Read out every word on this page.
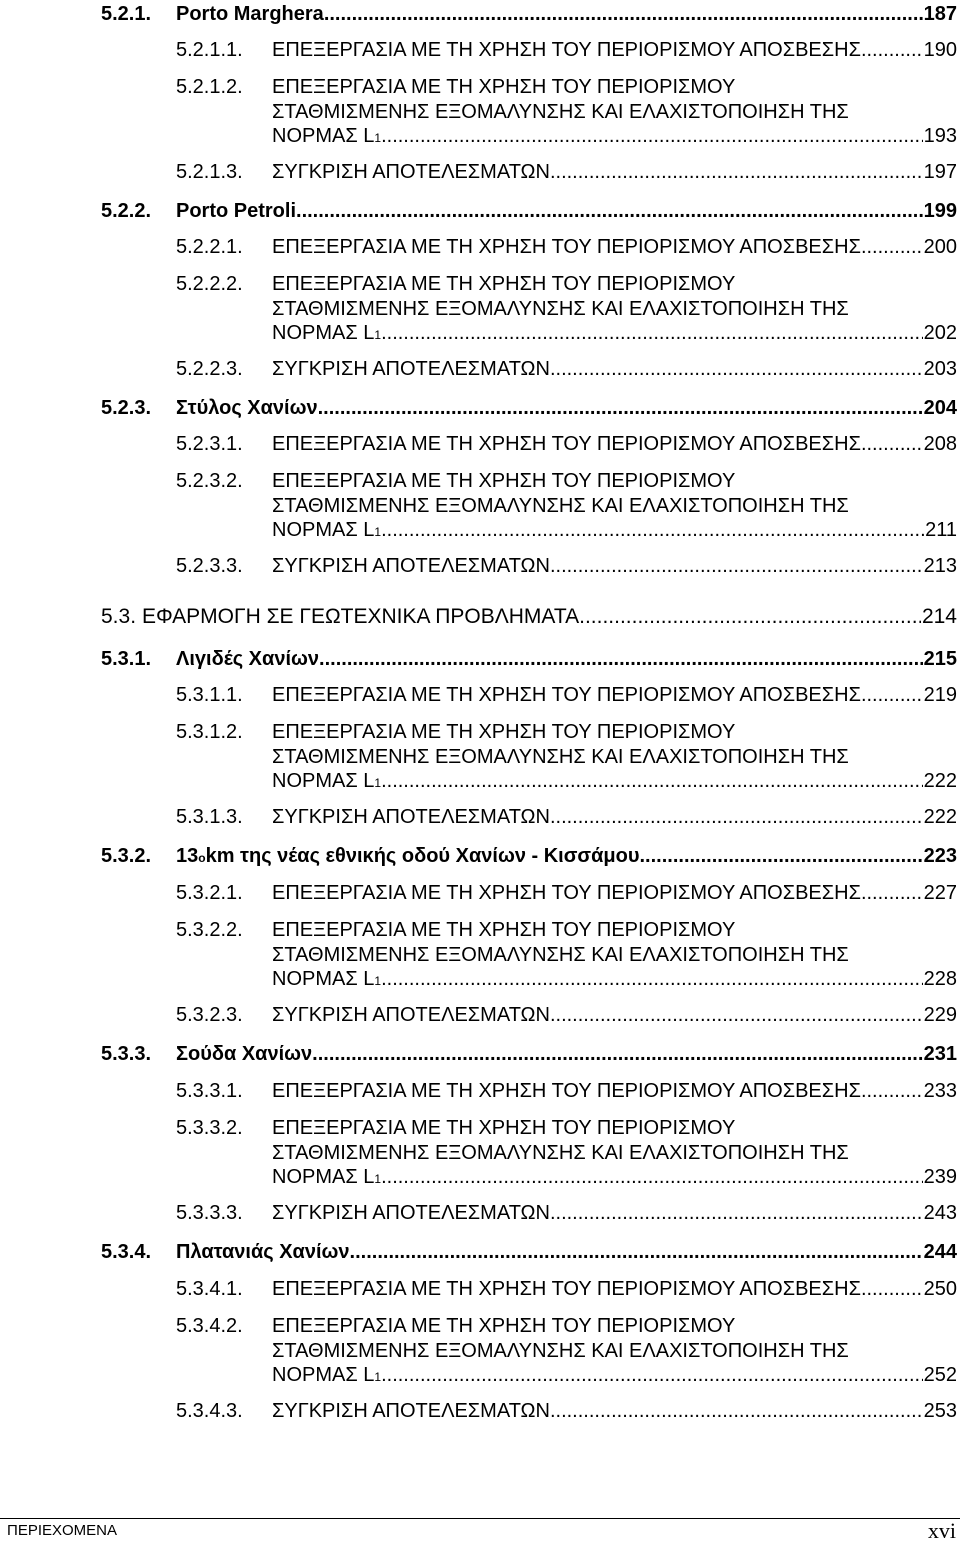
5.2.1. Porto Marghera .....	187
5.2.1.1. ΕΠΕΞΕΡΓΑΣΙΑ ΜΕ ΤΗ ΧΡΗΣΗ ΤΟΥ ΠΕΡΙΟΡΙΣΜΟΥ ΑΠΟΣΒΕΣΗΣ .....	190
5.2.1.2. ΕΠΕΞΕΡΓΑΣΙΑ ΜΕ ΤΗ ΧΡΗΣΗ ΤΟΥ ΠΕΡΙΟΡΙΣΜΟΥ
ΣΤΑΘΜΙΣΜΕΝΗΣ ΕΞΟΜΑΛΥΝΣΗΣ ΚΑΙ ΕΛΑΧΙΣΤΟΠΟΙΗΣΗ ΤΗΣ
ΝΟΡΜΑΣ L 1 .....	193
5.2.1.3. ΣΥΓΚΡΙΣΗ ΑΠΟΤΕΛΕΣΜΑΤΩΝ .....	197
5.2.2. Porto Petroli .....	199
5.2.2.1. ΕΠΕΞΕΡΓΑΣΙΑ ΜΕ ΤΗ ΧΡΗΣΗ ΤΟΥ ΠΕΡΙΟΡΙΣΜΟΥ ΑΠΟΣΒΕΣΗΣ .....	200
5.2.2.2. ΕΠΕΞΕΡΓΑΣΙΑ ΜΕ ΤΗ ΧΡΗΣΗ ΤΟΥ ΠΕΡΙΟΡΙΣΜΟΥ
ΣΤΑΘΜΙΣΜΕΝΗΣ ΕΞΟΜΑΛΥΝΣΗΣ ΚΑΙ ΕΛΑΧΙΣΤΟΠΟΙΗΣΗ ΤΗΣ
ΝΟΡΜΑΣ L 1 .....	202
5.2.2.3. ΣΥΓΚΡΙΣΗ ΑΠΟΤΕΛΕΣΜΑΤΩΝ .....	203
5.2.3. Στύλος Χανίων .....	204
5.2.3.1. ΕΠΕΞΕΡΓΑΣΙΑ ΜΕ ΤΗ ΧΡΗΣΗ ΤΟΥ ΠΕΡΙΟΡΙΣΜΟΥ ΑΠΟΣΒΕΣΗΣ .....	208
5.2.3.2. ΕΠΕΞΕΡΓΑΣΙΑ ΜΕ ΤΗ ΧΡΗΣΗ ΤΟΥ ΠΕΡΙΟΡΙΣΜΟΥ
ΣΤΑΘΜΙΣΜΕΝΗΣ ΕΞΟΜΑΛΥΝΣΗΣ ΚΑΙ ΕΛΑΧΙΣΤΟΠΟΙΗΣΗ ΤΗΣ
ΝΟΡΜΑΣ L 1 .....	211
5.2.3.3. ΣΥΓΚΡΙΣΗ ΑΠΟΤΕΛΕΣΜΑΤΩΝ .....	213
5.3. ΕΦΑΡΜΟΓΗ ΣΕ ΓΕΩΤΕΧΝΙΚΑ ΠΡΟΒΛΗΜΑΤΑ .....	214
5.3.1. Λιγιδές Χανίων .....	215
5.3.1.1. ΕΠΕΞΕΡΓΑΣΙΑ ΜΕ ΤΗ ΧΡΗΣΗ ΤΟΥ ΠΕΡΙΟΡΙΣΜΟΥ ΑΠΟΣΒΕΣΗΣ .....	219
5.3.1.2. ΕΠΕΞΕΡΓΑΣΙΑ ΜΕ ΤΗ ΧΡΗΣΗ ΤΟΥ ΠΕΡΙΟΡΙΣΜΟΥ
ΣΤΑΘΜΙΣΜΕΝΗΣ ΕΞΟΜΑΛΥΝΣΗΣ ΚΑΙ ΕΛΑΧΙΣΤΟΠΟΙΗΣΗ ΤΗΣ
ΝΟΡΜΑΣ L 1 .....	222
5.3.1.3. ΣΥΓΚΡΙΣΗ ΑΠΟΤΕΛΕΣΜΑΤΩΝ .....	222
5.3.2. 13 ο km της νέας εθνικής οδού Χανίων - Κισσάμου .....	223
5.3.2.1. ΕΠΕΞΕΡΓΑΣΙΑ ΜΕ ΤΗ ΧΡΗΣΗ ΤΟΥ ΠΕΡΙΟΡΙΣΜΟΥ ΑΠΟΣΒΕΣΗΣ .....	227
5.3.2.2. ΕΠΕΞΕΡΓΑΣΙΑ ΜΕ ΤΗ ΧΡΗΣΗ ΤΟΥ ΠΕΡΙΟΡΙΣΜΟΥ
ΣΤΑΘΜΙΣΜΕΝΗΣ ΕΞΟΜΑΛΥΝΣΗΣ ΚΑΙ ΕΛΑΧΙΣΤΟΠΟΙΗΣΗ ΤΗΣ
ΝΟΡΜΑΣ L 1 .....	228
5.3.2.3. ΣΥΓΚΡΙΣΗ ΑΠΟΤΕΛΕΣΜΑΤΩΝ .....	229
5.3.3. Σούδα Χανίων .....	231
5.3.3.1. ΕΠΕΞΕΡΓΑΣΙΑ ΜΕ ΤΗ ΧΡΗΣΗ ΤΟΥ ΠΕΡΙΟΡΙΣΜΟΥ ΑΠΟΣΒΕΣΗΣ .....	233
5.3.3.2. ΕΠΕΞΕΡΓΑΣΙΑ ΜΕ ΤΗ ΧΡΗΣΗ ΤΟΥ ΠΕΡΙΟΡΙΣΜΟΥ
ΣΤΑΘΜΙΣΜΕΝΗΣ ΕΞΟΜΑΛΥΝΣΗΣ ΚΑΙ ΕΛΑΧΙΣΤΟΠΟΙΗΣΗ ΤΗΣ
ΝΟΡΜΑΣ L 1 .....	239
5.3.3.3. ΣΥΓΚΡΙΣΗ ΑΠΟΤΕΛΕΣΜΑΤΩΝ .....	243
5.3.4. Πλατανιάς Χανίων .....	244
5.3.4.1. ΕΠΕΞΕΡΓΑΣΙΑ ΜΕ ΤΗ ΧΡΗΣΗ ΤΟΥ ΠΕΡΙΟΡΙΣΜΟΥ ΑΠΟΣΒΕΣΗΣ .....	250
5.3.4.2. ΕΠΕΞΕΡΓΑΣΙΑ ΜΕ ΤΗ ΧΡΗΣΗ ΤΟΥ ΠΕΡΙΟΡΙΣΜΟΥ
ΣΤΑΘΜΙΣΜΕΝΗΣ ΕΞΟΜΑΛΥΝΣΗΣ ΚΑΙ ΕΛΑΧΙΣΤΟΠΟΙΗΣΗ ΤΗΣ
ΝΟΡΜΑΣ L 1 .....	252
5.3.4.3. ΣΥΓΚΡΙΣΗ ΑΠΟΤΕΛΕΣΜΑΤΩΝ .....	253
ΠΕΡΙΕΧΟΜΕΝΑ	xvi
